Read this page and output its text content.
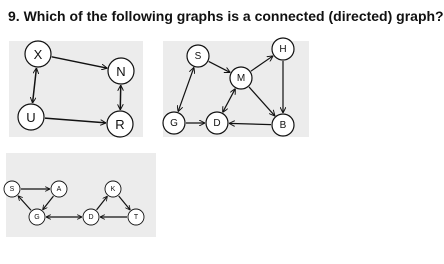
9. Which of the following graphs is a connected (directed) graph?
X
N
U	R
S
H
M
G	D	B
S	A
G
K
D	T
